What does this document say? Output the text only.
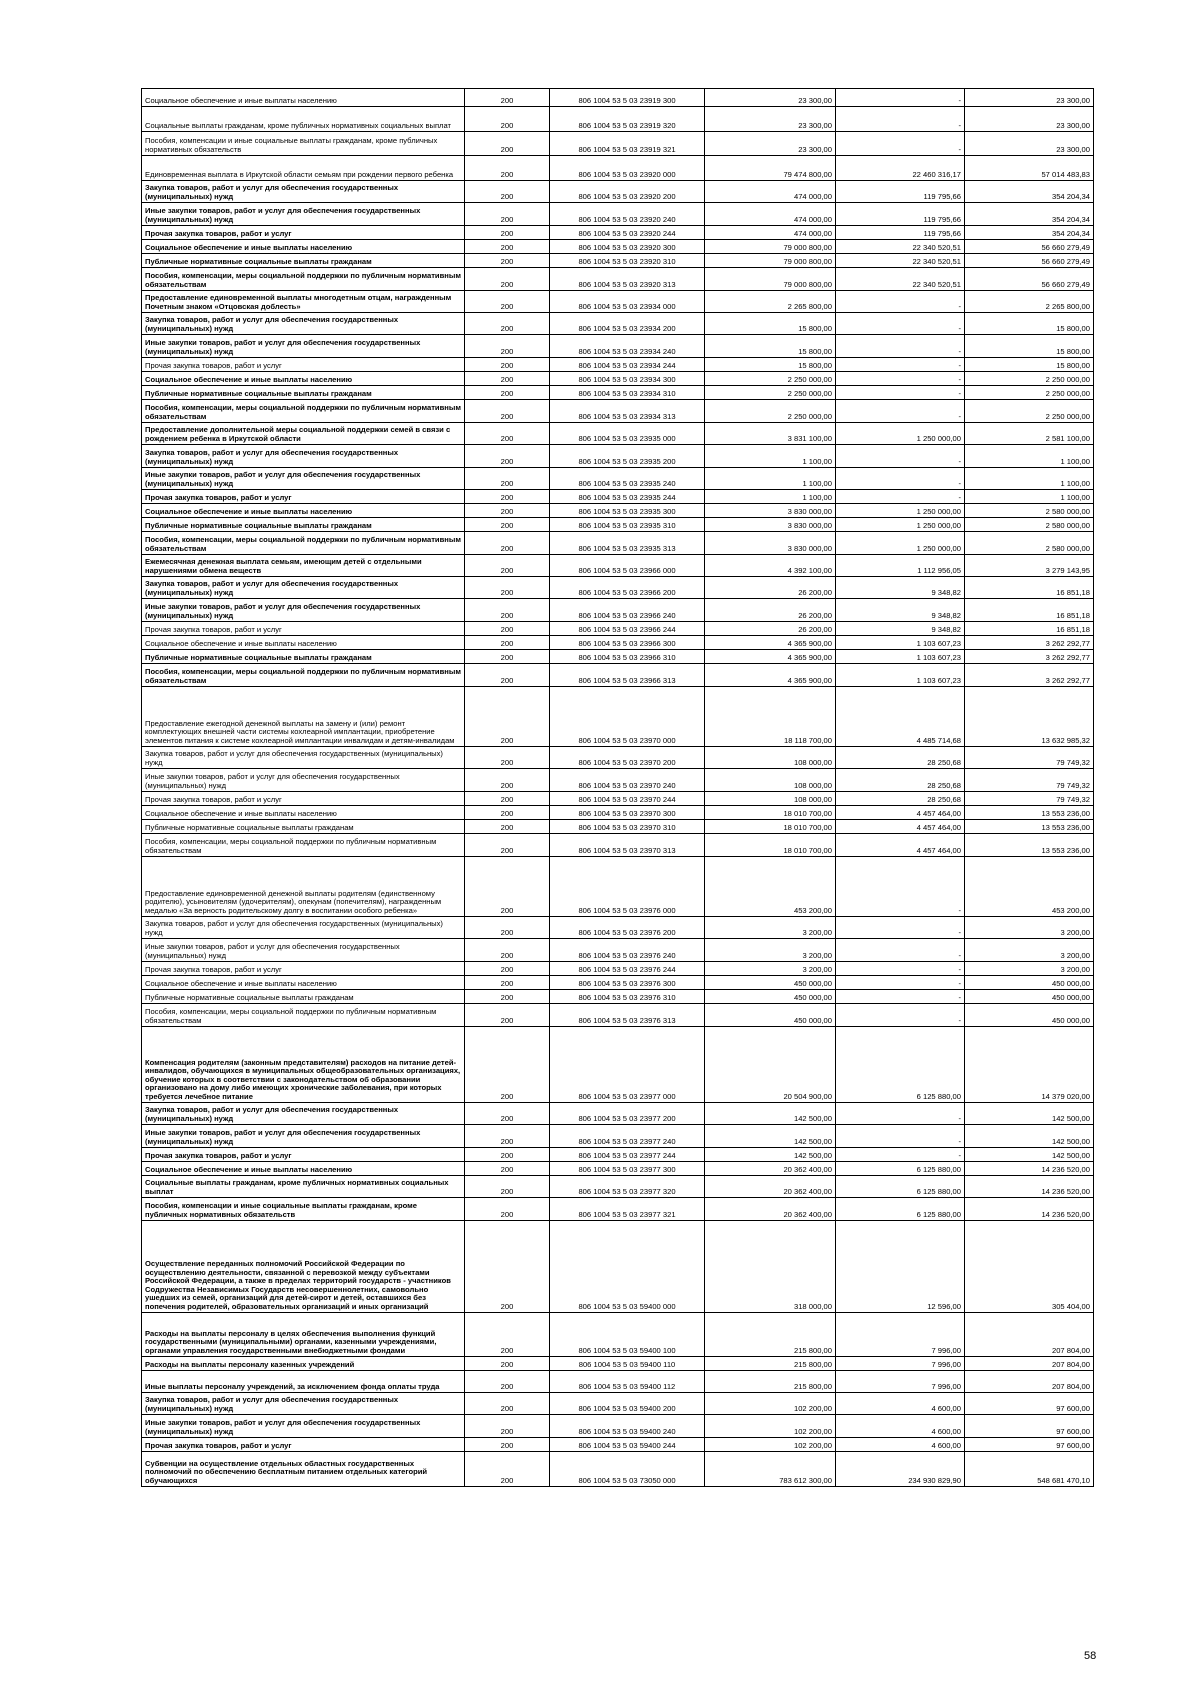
Социальное обеспечение и иные выплаты населению	200	806 1004 53 5 03 23919 300	23 300,00	-	23 300,00
Социальные выплаты гражданам, кроме публичных нормативных социальных выплат	200	806 1004 53 5 03 23919 320	23 300,00	-	23 300,00
Пособия, компенсации и иные социальные выплаты гражданам, кроме публичных нормативных обязательств	200	806 1004 53 5 03 23919 321	23 300,00	-	23 300,00
Единовременная выплата в Иркутской области семьям при рождении первого ребенка	200	806 1004 53 5 03 23920 000	79 474 800,00	22 460 316,17	57 014 483,83
Закупка товаров, работ и услуг для обеспечения государственных (муниципальных) нужд	200	806 1004 53 5 03 23920 200	474 000,00	119 795,66	354 204,34
Иные закупки товаров, работ и услуг для обеспечения государственных (муниципальных) нужд	200	806 1004 53 5 03 23920 240	474 000,00	119 795,66	354 204,34
Прочая закупка товаров, работ и услуг	200	806 1004 53 5 03 23920 244	474 000,00	119 795,66	354 204,34
Социальное обеспечение и иные выплаты населению	200	806 1004 53 5 03 23920 300	79 000 800,00	22 340 520,51	56 660 279,49
Публичные нормативные социальные выплаты гражданам	200	806 1004 53 5 03 23920 310	79 000 800,00	22 340 520,51	56 660 279,49
Пособия, компенсации, меры социальной поддержки по публичным нормативным обязательствам	200	806 1004 53 5 03 23920 313	79 000 800,00	22 340 520,51	56 660 279,49
Предоставление единовременной выплаты многодетным отцам, награжденным Почетным знаком «Отцовская доблесть»	200	806 1004 53 5 03 23934 000	2 265 800,00	-	2 265 800,00
Закупка товаров, работ и услуг для обеспечения государственных (муниципальных) нужд	200	806 1004 53 5 03 23934 200	15 800,00	-	15 800,00
Иные закупки товаров, работ и услуг для обеспечения государственных (муниципальных) нужд	200	806 1004 53 5 03 23934 240	15 800,00	-	15 800,00
Прочая закупка товаров, работ и услуг	200	806 1004 53 5 03 23934 244	15 800,00	-	15 800,00
Социальное обеспечение и иные выплаты населению	200	806 1004 53 5 03 23934 300	2 250 000,00	-	2 250 000,00
Публичные нормативные социальные выплаты гражданам	200	806 1004 53 5 03 23934 310	2 250 000,00	-	2 250 000,00
Пособия, компенсации, меры социальной поддержки по публичным нормативным обязательствам	200	806 1004 53 5 03 23934 313	2 250 000,00	-	2 250 000,00
Предоставление дополнительной меры социальной поддержки семей в связи с рождением ребенка в Иркутской области	200	806 1004 53 5 03 23935 000	3 831 100,00	1 250 000,00	2 581 100,00
Закупка товаров, работ и услуг для обеспечения государственных (муниципальных) нужд	200	806 1004 53 5 03 23935 200	1 100,00	-	1 100,00
Иные закупки товаров, работ и услуг для обеспечения государственных (муниципальных) нужд	200	806 1004 53 5 03 23935 240	1 100,00	-	1 100,00
Прочая закупка товаров, работ и услуг	200	806 1004 53 5 03 23935 244	1 100,00	-	1 100,00
Социальное обеспечение и иные выплаты населению	200	806 1004 53 5 03 23935 300	3 830 000,00	1 250 000,00	2 580 000,00
Публичные нормативные социальные выплаты гражданам	200	806 1004 53 5 03 23935 310	3 830 000,00	1 250 000,00	2 580 000,00
Пособия, компенсации, меры социальной поддержки по публичным нормативным обязательствам	200	806 1004 53 5 03 23935 313	3 830 000,00	1 250 000,00	2 580 000,00
Ежемесячная денежная выплата семьям, имеющим детей с отдельными нарушениями обмена веществ	200	806 1004 53 5 03 23966 000	4 392 100,00	1 112 956,05	3 279 143,95
Закупка товаров, работ и услуг для обеспечения государственных (муниципальных) нужд	200	806 1004 53 5 03 23966 200	26 200,00	9 348,82	16 851,18
Иные закупки товаров, работ и услуг для обеспечения государственных (муниципальных) нужд	200	806 1004 53 5 03 23966 240	26 200,00	9 348,82	16 851,18
Прочая закупка товаров, работ и услуг	200	806 1004 53 5 03 23966 244	26 200,00	9 348,82	16 851,18
Социальное обеспечение и иные выплаты населению	200	806 1004 53 5 03 23966 300	4 365 900,00	1 103 607,23	3 262 292,77
Публичные нормативные социальные выплаты гражданам	200	806 1004 53 5 03 23966 310	4 365 900,00	1 103 607,23	3 262 292,77
Пособия, компенсации, меры социальной поддержки по публичным нормативным обязательствам	200	806 1004 53 5 03 23966 313	4 365 900,00	1 103 607,23	3 262 292,77
Предоставление ежегодной денежной выплаты на замену и (или) ремонт комплектующих внешней части системы кохлеарной имплантации, приобретение элементов питания к системе кохлеарной имплантации инвалидам и детям-инвалидам	200	806 1004 53 5 03 23970 000	18 118 700,00	4 485 714,68	13 632 985,32
Закупка товаров, работ и услуг для обеспечения государственных (муниципальных) нужд	200	806 1004 53 5 03 23970 200	108 000,00	28 250,68	79 749,32
Иные закупки товаров, работ и услуг для обеспечения государственных (муниципальных) нужд	200	806 1004 53 5 03 23970 240	108 000,00	28 250,68	79 749,32
Прочая закупка товаров, работ и услуг	200	806 1004 53 5 03 23970 244	108 000,00	28 250,68	79 749,32
Социальное обеспечение и иные выплаты населению	200	806 1004 53 5 03 23970 300	18 010 700,00	4 457 464,00	13 553 236,00
Публичные нормативные социальные выплаты гражданам	200	806 1004 53 5 03 23970 310	18 010 700,00	4 457 464,00	13 553 236,00
Пособия, компенсации, меры социальной поддержки по публичным нормативным обязательствам	200	806 1004 53 5 03 23970 313	18 010 700,00	4 457 464,00	13 553 236,00
Предоставление единовременной денежной выплаты родителям (единственному родителю), усыновителям (удочерителям), опекунам (попечителям), награжденным медалью «За верность родительскому долгу в воспитании особого ребенка»	200	806 1004 53 5 03 23976 000	453 200,00	-	453 200,00
Закупка товаров, работ и услуг для обеспечения государственных (муниципальных) нужд	200	806 1004 53 5 03 23976 200	3 200,00	-	3 200,00
Иные закупки товаров, работ и услуг для обеспечения государственных (муниципальных) нужд	200	806 1004 53 5 03 23976 240	3 200,00	-	3 200,00
Прочая закупка товаров, работ и услуг	200	806 1004 53 5 03 23976 244	3 200,00	-	3 200,00
Социальное обеспечение и иные выплаты населению	200	806 1004 53 5 03 23976 300	450 000,00	-	450 000,00
Публичные нормативные социальные выплаты гражданам	200	806 1004 53 5 03 23976 310	450 000,00	-	450 000,00
Пособия, компенсации, меры социальной поддержки по публичным нормативным обязательствам	200	806 1004 53 5 03 23976 313	450 000,00	-	450 000,00
Компенсация родителям (законным представителям) расходов на питание детей-инвалидов, обучающихся в муниципальных общеобразовательных организациях, обучение которых в соответствии с законодательством об образовании организовано на дому либо имеющих хронические заболевания, при которых требуется лечебное питание	200	806 1004 53 5 03 23977 000	20 504 900,00	6 125 880,00	14 379 020,00
Закупка товаров, работ и услуг для обеспечения государственных (муниципальных) нужд	200	806 1004 53 5 03 23977 200	142 500,00	-	142 500,00
Иные закупки товаров, работ и услуг для обеспечения государственных (муниципальных) нужд	200	806 1004 53 5 03 23977 240	142 500,00	-	142 500,00
Прочая закупка товаров, работ и услуг	200	806 1004 53 5 03 23977 244	142 500,00	-	142 500,00
Социальное обеспечение и иные выплаты населению	200	806 1004 53 5 03 23977 300	20 362 400,00	6 125 880,00	14 236 520,00
Социальные выплаты гражданам, кроме публичных нормативных социальных выплат	200	806 1004 53 5 03 23977 320	20 362 400,00	6 125 880,00	14 236 520,00
Пособия, компенсации и иные социальные выплаты гражданам, кроме публичных нормативных обязательств	200	806 1004 53 5 03 23977 321	20 362 400,00	6 125 880,00	14 236 520,00
Осуществление переданных полномочий Российской Федерации по осуществлению деятельности, связанной с перевозкой между субъектами Российской Федерации, а также в пределах территорий государств - участников Содружества Независимых Государств несовершеннолетних, самовольно ушедших из семей, организаций для детей-сирот и детей, оставшихся без попечения родителей, образовательных организаций и иных организаций	200	806 1004 53 5 03 59400 000	318 000,00	12 596,00	305 404,00
Расходы на выплаты персоналу в целях обеспечения выполнения функций государственными (муниципальными) органами, казенными учреждениями, органами управления государственными внебюджетными фондами	200	806 1004 53 5 03 59400 100	215 800,00	7 996,00	207 804,00
Расходы на выплаты персоналу казенных учреждений	200	806 1004 53 5 03 59400 110	215 800,00	7 996,00	207 804,00
Иные выплаты персоналу учреждений, за исключением фонда оплаты труда	200	806 1004 53 5 03 59400 112	215 800,00	7 996,00	207 804,00
Закупка товаров, работ и услуг для обеспечения государственных (муниципальных) нужд	200	806 1004 53 5 03 59400 200	102 200,00	4 600,00	97 600,00
Иные закупки товаров, работ и услуг для обеспечения государственных (муниципальных) нужд	200	806 1004 53 5 03 59400 240	102 200,00	4 600,00	97 600,00
Прочая закупка товаров, работ и услуг	200	806 1004 53 5 03 59400 244	102 200,00	4 600,00	97 600,00
Субвенции на осуществление отдельных областных государственных полномочий по обеспечению бесплатным питанием отдельных категорий обучающихся	200	806 1004 53 5 03 73050 000	783 612 300,00	234 930 829,90	548 681 470,10
58
